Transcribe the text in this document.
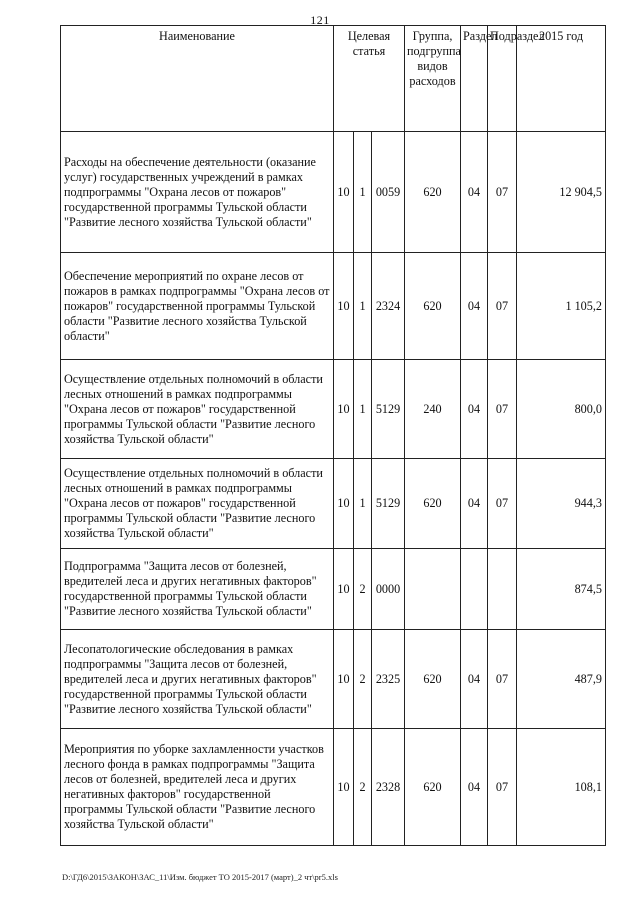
121
Наименование	Целевая статья			Группа, подгруппа видов расходов	Раздел	Подраздел	2015 год
Расходы на обеспечение деятельности (оказание услуг) государственных учреждений в рамках подпрограммы "Охрана лесов от пожаров" государственной программы Тульской области "Развитие лесного хозяйства Тульской области"	10	1	0059	620	04	07	12 904,5
Обеспечение мероприятий по охране лесов от пожаров в рамках подпрограммы "Охрана лесов от пожаров" государственной программы Тульской области "Развитие лесного хозяйства Тульской области"	10	1	2324	620	04	07	1 105,2
Осуществление отдельных полномочий в области лесных отношений в рамках подпрограммы "Охрана лесов от пожаров" государственной программы Тульской области "Развитие лесного хозяйства Тульской области"	10	1	5129	240	04	07	800,0
Осуществление отдельных полномочий в области лесных отношений в рамках подпрограммы "Охрана лесов от пожаров" государственной программы Тульской области "Развитие лесного хозяйства Тульской области"	10	1	5129	620	04	07	944,3
Подпрограмма "Защита лесов от болезней, вредителей леса и других негативных факторов" государственной программы Тульской области "Развитие лесного хозяйства Тульской области"	10	2	0000				874,5
Лесопатологические обследования в рамках подпрограммы "Защита лесов от болезней, вредителей леса и других негативных факторов" государственной программы Тульской области "Развитие лесного хозяйства Тульской области"	10	2	2325	620	04	07	487,9
Мероприятия по уборке захламленности участков лесного фонда в рамках подпрограммы "Защита лесов от болезней, вредителей леса и других негативных факторов" государственной программы Тульской области "Развитие лесного хозяйства Тульской области"	10	2	2328	620	04	07	108,1
D:\ГД6\2015\ЗАКОН\ЗАС_11\Изм. бюджет ТО 2015-2017 (март)_2 чт\pr5.xls
